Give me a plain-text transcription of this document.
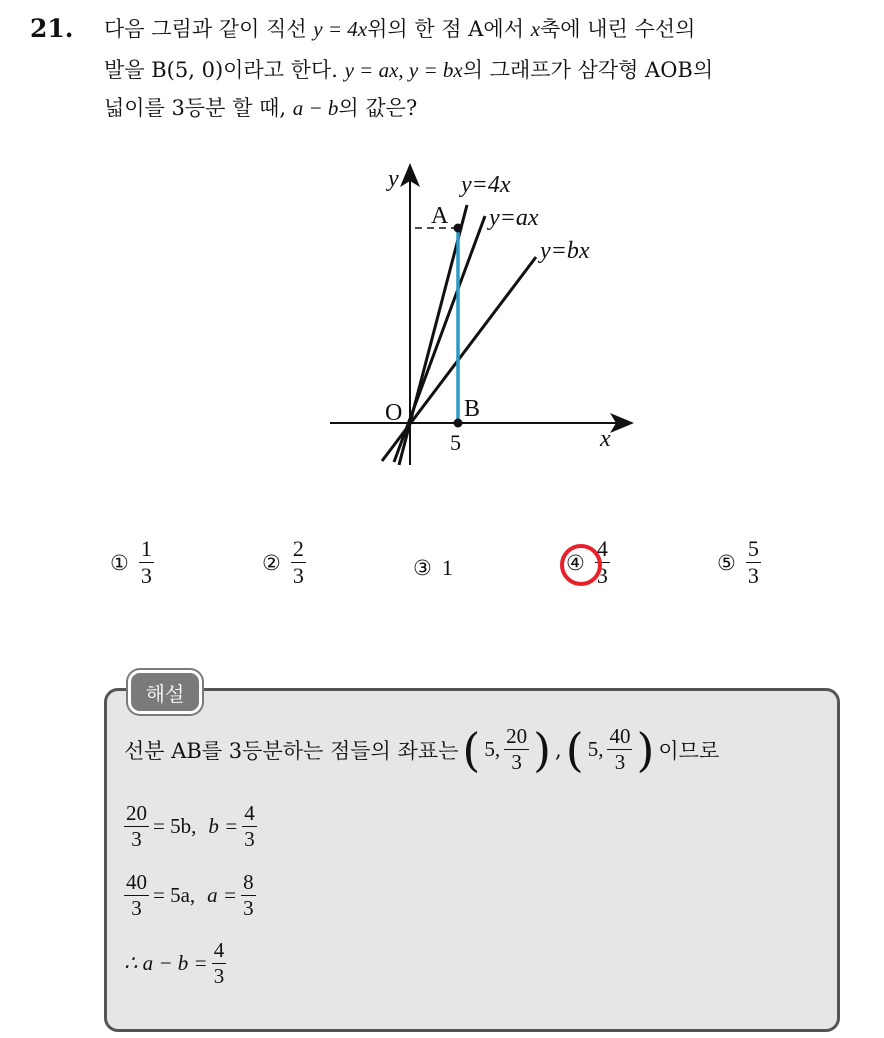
21. 다음 그림과 같이 직선 y = 4x위의 한 점 A에서 x축에 내린 수선의
발을 B(5, 0)이라고 한다. y = ax, y = bx의 그래프가 삼각형 AOB의
넓이를 3등분 할 때, a − b의 값은?
y
x
O
A
B
5
y=4x
y=ax
y=bx
① $\frac{1}{3}$	② $\frac{2}{3}$	③ 1	④ $\frac{4}{3}$	⑤ $\frac{5}{3}$
해설
선분 AB를 3등분하는 점들의 좌표는 ( 5, $\frac{20}{3}$ ) , ( 5, $\frac{40}{3}$ ) 이므로
$\frac{20}{3} = 5b$, $b = \frac{4}{3}$
$\frac{40}{3} = 5a$, $a = \frac{8}{3}$
∴ $a - b = \frac{4}{3}$
